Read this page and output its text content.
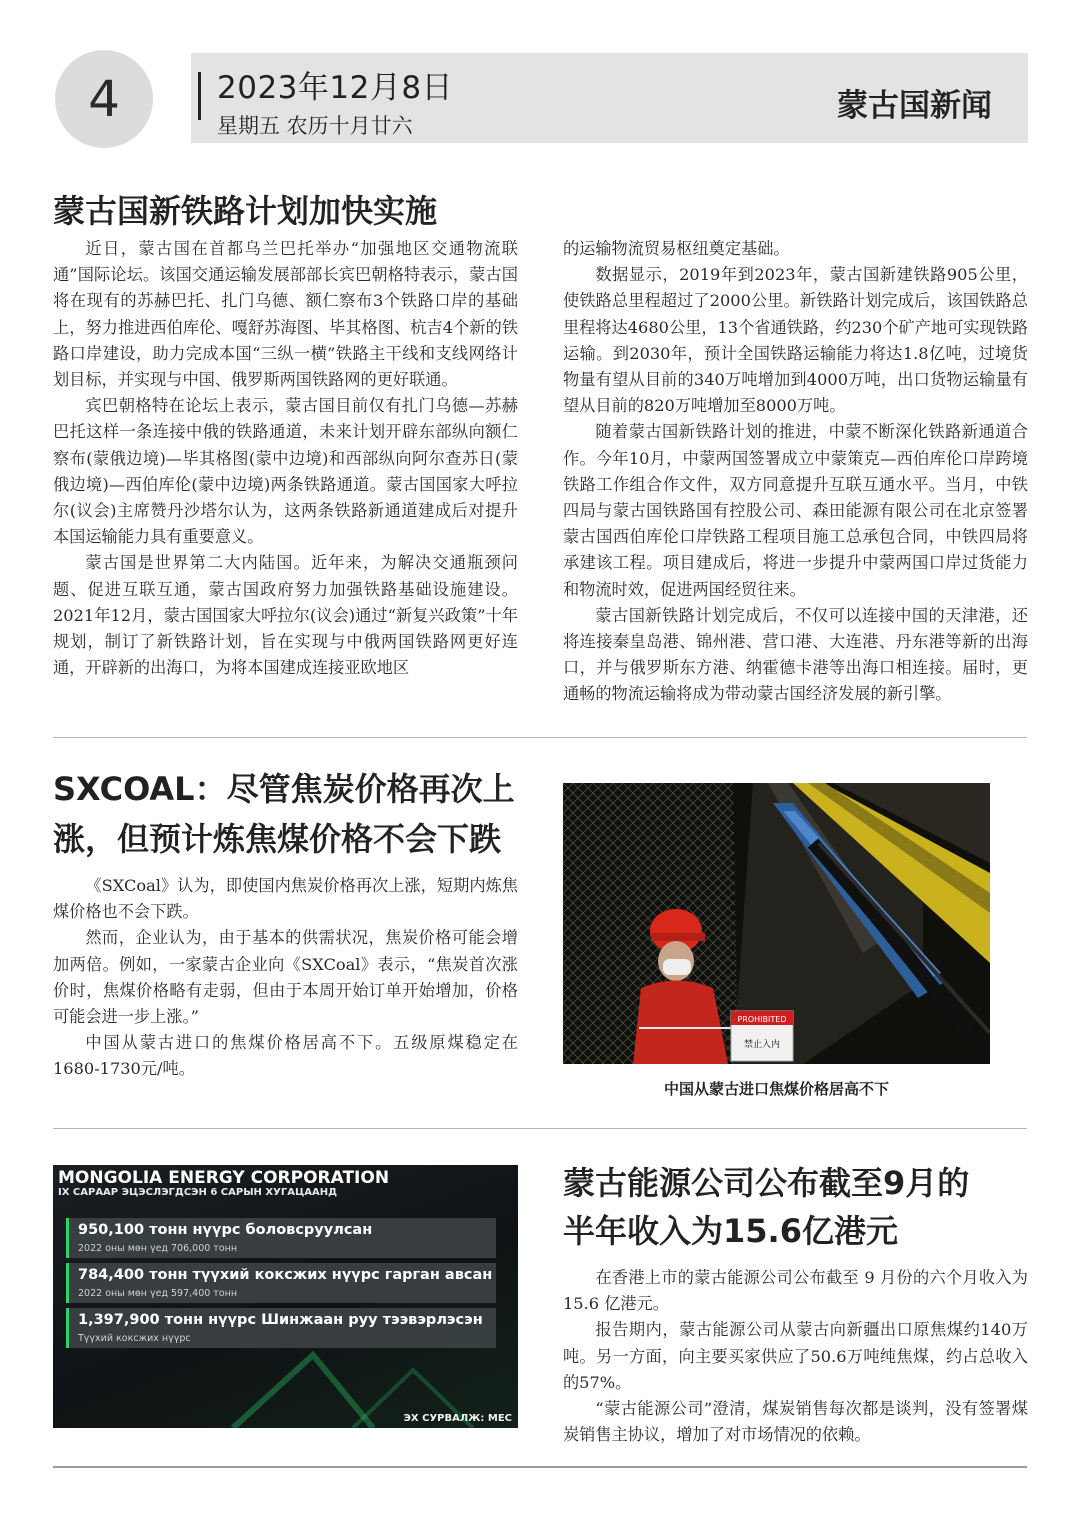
4	2023年12月8日
星期五 农历十月廿六
蒙古国新闻
蒙古国新铁路计划加快实施

近日，蒙古国在首都乌兰巴托举办“加强地区交通物流联通”国际论坛。该国交通运输发展部部长宾巴朝格特表示，蒙古国将在现有的苏赫巴托、扎门乌德、额仁察布3个铁路口岸的基础上，努力推进西伯库伦、嘎舒苏海图、毕其格图、杭吉4个新的铁路口岸建设，助力完成本国“三纵一横”铁路主干线和支线网络计划目标，并实现与中国、俄罗斯两国铁路网的更好联通。

宾巴朝格特在论坛上表示，蒙古国目前仅有扎门乌德—苏赫巴托这样一条连接中俄的铁路通道，未来计划开辟东部纵向额仁察布(蒙俄边境)—毕其格图(蒙中边境)和西部纵向阿尔查苏日(蒙俄边境)—西伯库伦(蒙中边境)两条铁路通道。蒙古国国家大呼拉尔(议会)主席赞丹沙塔尔认为，这两条铁路新通道建成后对提升本国运输能力具有重要意义。

蒙古国是世界第二大内陆国。近年来，为解决交通瓶颈问题、促进互联互通，蒙古国政府努力加强铁路基础设施建设。2021年12月，蒙古国国家大呼拉尔(议会)通过“新复兴政策”十年规划，制订了新铁路计划，旨在实现与中俄两国铁路网更好连通，开辟新的出海口，为将本国建成连接亚欧地区

的运输物流贸易枢纽奠定基础。

数据显示，2019年到2023年，蒙古国新建铁路905公里，使铁路总里程超过了2000公里。新铁路计划完成后，该国铁路总里程将达4680公里，13个省通铁路，约230个矿产地可实现铁路运输。到2030年，预计全国铁路运输能力将达1.8亿吨，过境货物量有望从目前的340万吨增加到4000万吨，出口货物运输量有望从目前的820万吨增加至8000万吨。

随着蒙古国新铁路计划的推进，中蒙不断深化铁路新通道合作。今年10月，中蒙两国签署成立中蒙策克—西伯库伦口岸跨境铁路工作组合作文件，双方同意提升互联互通水平。当月，中铁四局与蒙古国铁路国有控股公司、森田能源有限公司在北京签署蒙古国西伯库伦口岸铁路工程项目施工总承包合同，中铁四局将承建该工程。项目建成后，将进一步提升中蒙两国口岸过货能力和物流时效，促进两国经贸往来。

蒙古国新铁路计划完成后，不仅可以连接中国的天津港，还将连接秦皇岛港、锦州港、营口港、大连港、丹东港等新的出海口，并与俄罗斯东方港、纳霍德卡港等出海口相连接。届时，更通畅的物流运输将成为带动蒙古国经济发展的新引擎。

SXCOAL：尽管焦炭价格再次上
涨，但预计炼焦煤价格不会下跌

《SXCoal》认为，即使国内焦炭价格再次上涨，短期内炼焦煤价格也不会下跌。

然而，企业认为，由于基本的供需状况，焦炭价格可能会增加两倍。例如，一家蒙古企业向《SXCoal》表示，“焦炭首次涨价时，焦煤价格略有走弱，但由于本周开始订单开始增加，价格可能会进一步上涨。”

中国从蒙古进口的焦煤价格居高不下。五级原煤稳定在1680-1730元/吨。

PROHIBITED
禁止入内
中国从蒙古进口焦煤价格居高不下
MONGOLIA ENERGY CORPORATION
IX САРААР ЭЦЭСЛЭГДСЭН 6 САРЫН ХУГАЦААНД
950,100 тонн нүүрс боловсруулсан
2022 оны мөн үед 706,000 тонн
784,400 тонн түүхий коксжих нүүрс гарган авсан
2022 оны мөн үед 597,400 тонн
1,397,900 тонн нүүрс Шинжаан руу тээвэрлэсэн
Түүхий коксжих нүүрс
ЭХ СУРВАЛЖ: MEC
蒙古能源公司公布截至9月的
半年收入为15.6亿港元

在香港上市的蒙古能源公司公布截至 9 月份的六个月收入为 15.6 亿港元。

报告期内，蒙古能源公司从蒙古向新疆出口原焦煤约140万吨。另一方面，向主要买家供应了50.6万吨纯焦煤，约占总收入的57%。

“蒙古能源公司”澄清，煤炭销售每次都是谈判，没有签署煤炭销售主协议，增加了对市场情况的依赖。
